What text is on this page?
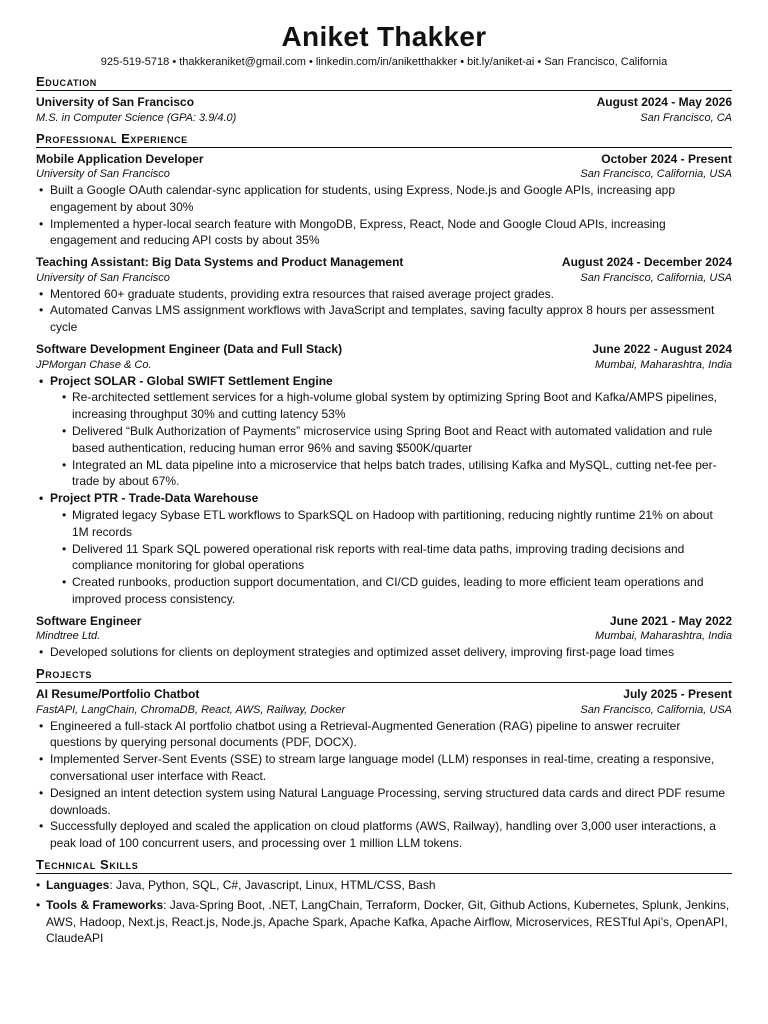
Aniket Thakker
925-519-5718 • thakkeraniket@gmail.com • linkedin.com/in/aniketthakker • bit.ly/aniket-ai • San Francisco, California
Education
University of San Francisco	August 2024 - May 2026
M.S. in Computer Science (GPA: 3.9/4.0)	San Francisco, CA
Professional Experience
Mobile Application Developer	October 2024 - Present
University of San Francisco	San Francisco, California, USA
• Built a Google OAuth calendar-sync application for students, using Express, Node.js and Google APIs, increasing app engagement by about 30%
• Implemented a hyper-local search feature with MongoDB, Express, React, Node and Google Cloud APIs, increasing engagement and reducing API costs by about 35%
Teaching Assistant: Big Data Systems and Product Management	August 2024 - December 2024
University of San Francisco	San Francisco, California, USA
• Mentored 60+ graduate students, providing extra resources that raised average project grades.
• Automated Canvas LMS assignment workflows with JavaScript and templates, saving faculty approx 8 hours per assessment cycle
Software Development Engineer (Data and Full Stack)	June 2022 - August 2024
JPMorgan Chase & Co.	Mumbai, Maharashtra, India
• Project SOLAR - Global SWIFT Settlement Engine
• Re-architected settlement services for a high-volume global system by optimizing Spring Boot and Kafka/AMPS pipelines, increasing throughput 30% and cutting latency 53%
• Delivered “Bulk Authorization of Payments” microservice using Spring Boot and React with automated validation and rule based authentication, reducing human error 96% and saving $500K/quarter
• Integrated an ML data pipeline into a microservice that helps batch trades, utilising Kafka and MySQL, cutting net-fee per-trade by about 67%.
• Project PTR - Trade-Data Warehouse
• Migrated legacy Sybase ETL workflows to SparkSQL on Hadoop with partitioning, reducing nightly runtime 21% on about 1M records
• Delivered 11 Spark SQL powered operational risk reports with real-time data paths, improving trading decisions and compliance monitoring for global operations
• Created runbooks, production support documentation, and CI/CD guides, leading to more efficient team operations and improved process consistency.
Software Engineer	June 2021 - May 2022
Mindtree Ltd.	Mumbai, Maharashtra, India
• Developed solutions for clients on deployment strategies and optimized asset delivery, improving first-page load times
Projects
AI Resume/Portfolio Chatbot	July 2025 - Present
FastAPI, LangChain, ChromaDB, React, AWS, Railway, Docker	San Francisco, California, USA
• Engineered a full-stack AI portfolio chatbot using a Retrieval-Augmented Generation (RAG) pipeline to answer recruiter questions by querying personal documents (PDF, DOCX).
• Implemented Server-Sent Events (SSE) to stream large language model (LLM) responses in real-time, creating a responsive, conversational user interface with React.
• Designed an intent detection system using Natural Language Processing, serving structured data cards and direct PDF resume downloads.
• Successfully deployed and scaled the application on cloud platforms (AWS, Railway), handling over 3,000 user interactions, a peak load of 100 concurrent users, and processing over 1 million LLM tokens.
Technical Skills
• Languages: Java, Python, SQL, C#, Javascript, Linux, HTML/CSS, Bash
• Tools & Frameworks: Java-Spring Boot, .NET, LangChain, Terraform, Docker, Git, Github Actions, Kubernetes, Splunk, Jenkins, AWS, Hadoop, Next.js, React.js, Node.js, Apache Spark, Apache Kafka, Apache Airflow, Microservices, RESTful Api’s, OpenAPI, ClaudeAPI
